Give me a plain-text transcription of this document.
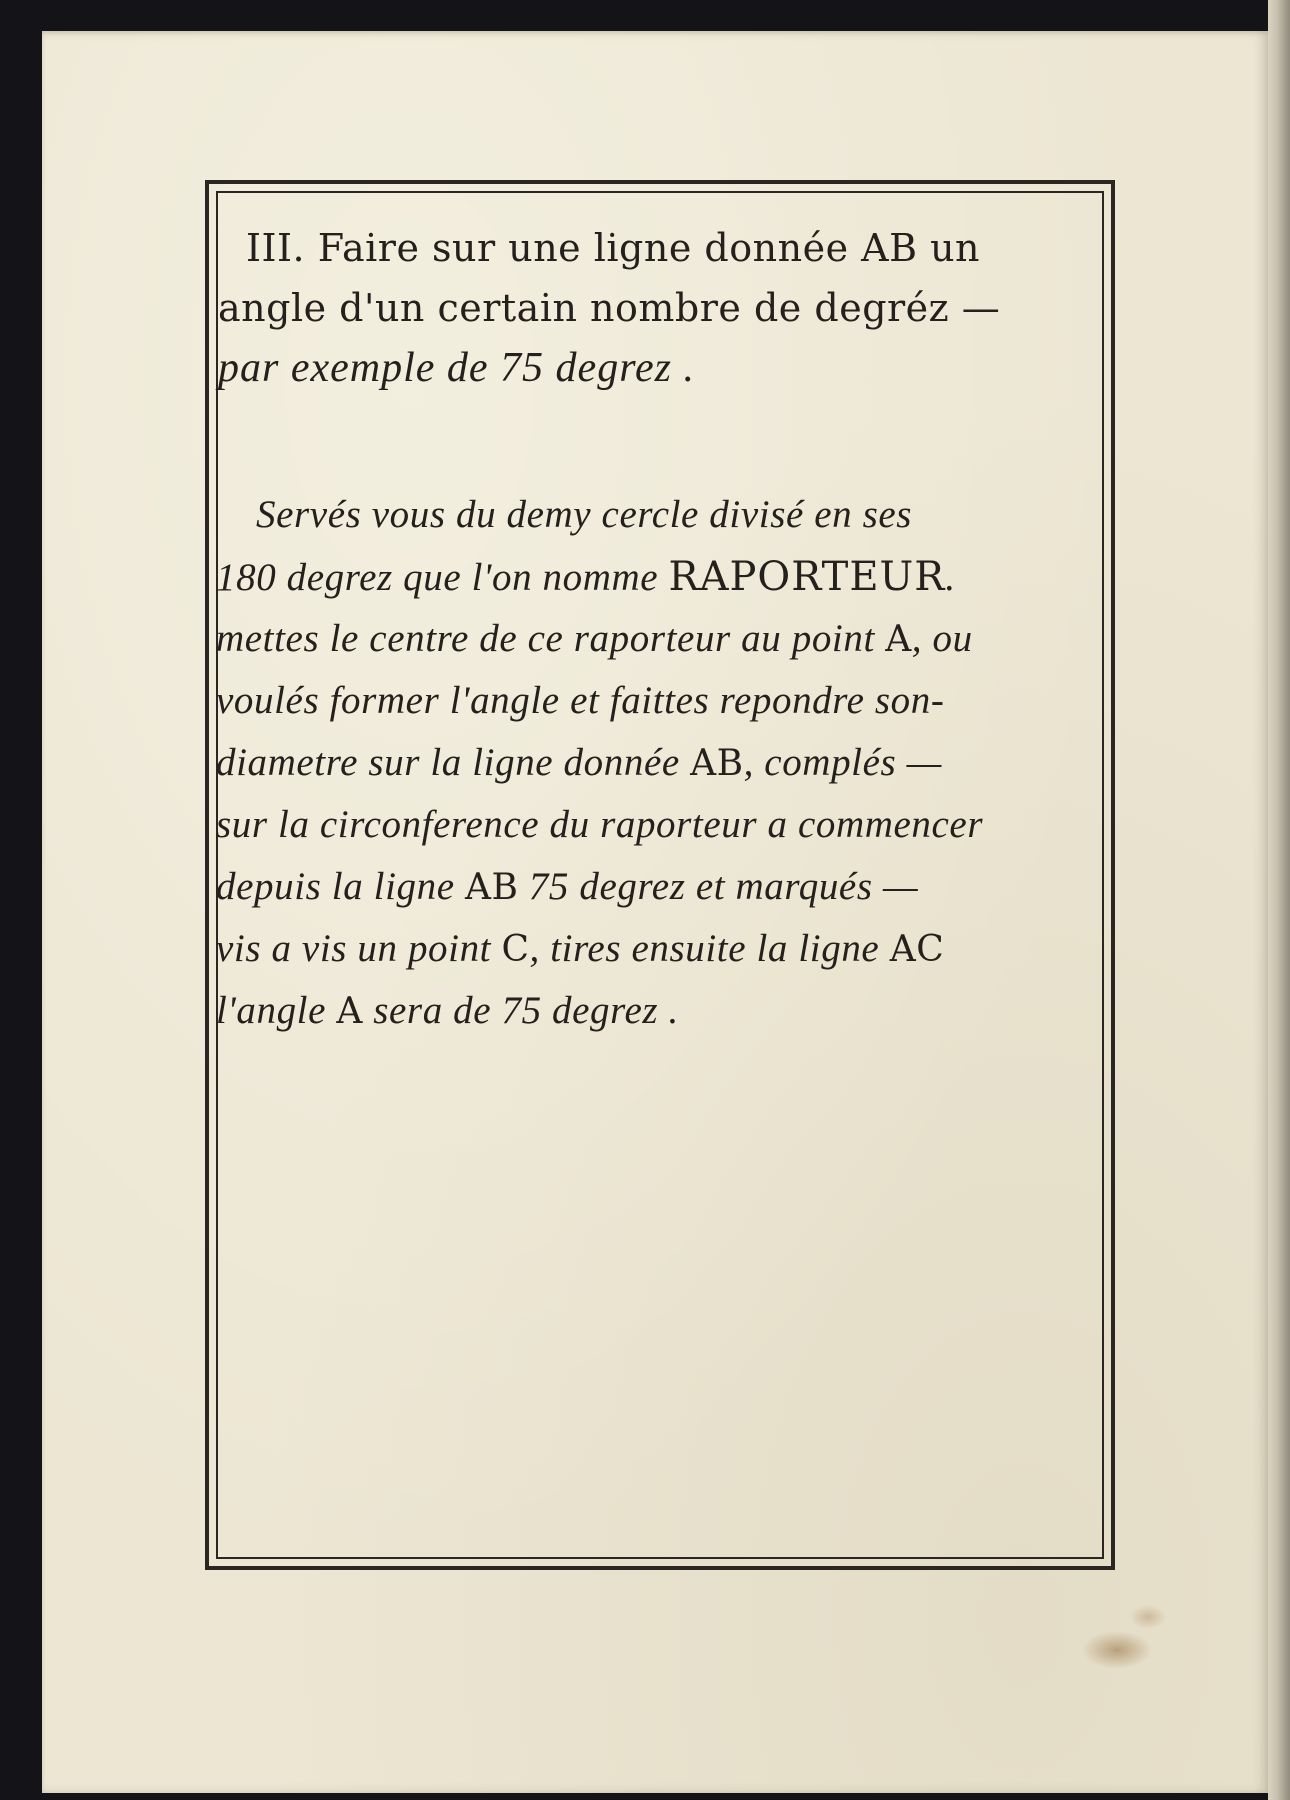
III. Faire sur une ligne donnée AB un
angle d'un certain nombre de degréz —
par exemple de 75 degrez .
Servés vous du demy cercle divisé en ses
180 degrez que l'on nomme RAPORTEUR.
mettes le centre de ce raporteur au point A, ou
voulés former l'angle et faittes repondre son-
diametre sur la ligne donnée AB, complés —
sur la circonference du raporteur a commencer
depuis la ligne AB 75 degrez et marqués —
vis a vis un point C, tires ensuite la ligne AC
l'angle A sera de 75 degrez .
